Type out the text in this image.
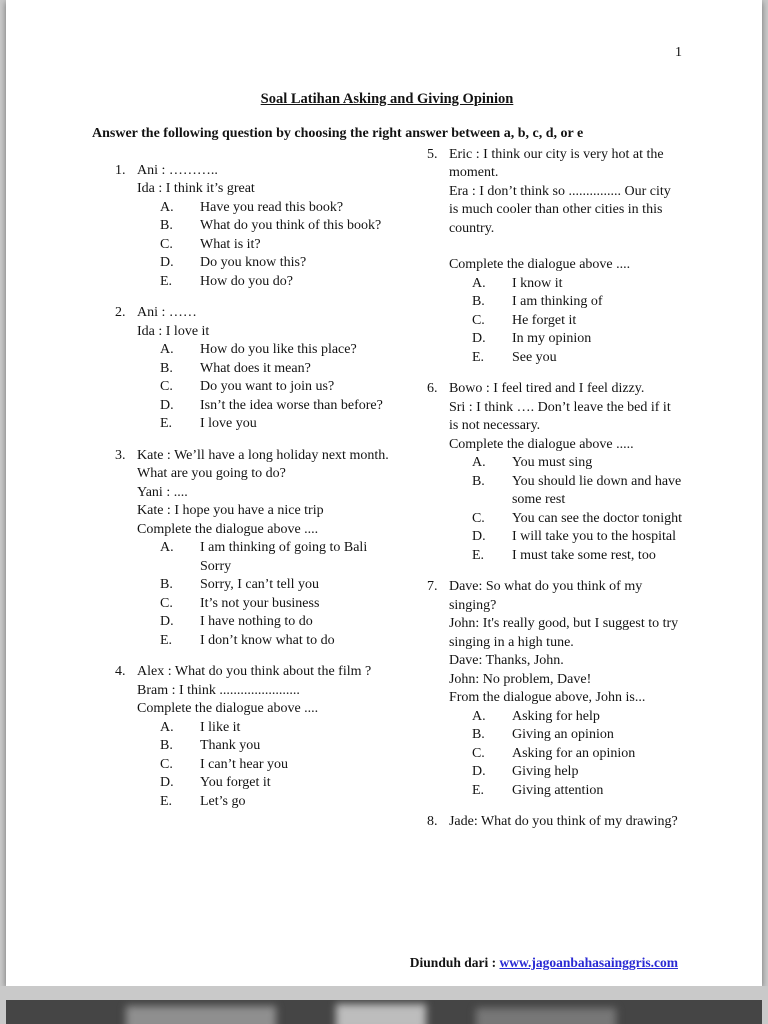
1
Soal Latihan Asking and Giving Opinion
Answer the following question by choosing the right answer between a, b, c, d, or e
1. Ani : ………..
Ida : I think it’s great
A.	Have you read this book?
B.	What do you think of this book?
C.	What is it?
D.	Do you know this?
E.	How do you do?
2. Ani : ……
Ida : I love it
A.	How do you like this place?
B.	What does it mean?
C.	Do you want to join us?
D.	Isn’t the idea worse than before?
E.	I love you
3. Kate : We’ll have a long holiday next month. What are you going to do?
Yani : ....
Kate : I hope you have a nice trip
Complete the dialogue above ....
A.	I am thinking of going to Bali Sorry
B.	Sorry, I can’t tell you
C.	It’s not your business
D.	I have nothing to do
E.	I don’t know what to do
4. Alex : What do you think about the film ?
Bram : I think .......................
Complete the dialogue above ....
A.	I like it
B.	Thank you
C.	I can’t hear you
D.	You forget it
E.	Let’s go
5. Eric : I think our city is very hot at the moment.
Era : I don’t think so ............... Our city is much cooler than other cities in this country.
Complete the dialogue above ....
A.	I know it
B.	I am thinking of
C.	He forget it
D.	In my opinion
E.	See you
6. Bowo : I feel tired and I feel dizzy.
Sri : I think …. Don’t leave the bed if it is not necessary.
Complete the dialogue above .....
A.	You must sing
B.	You should lie down and have some rest
C.	You can see the doctor tonight
D.	I will take you to the hospital
E.	I must take some rest, too
7. Dave: So what do you think of my singing?
John: It's really good, but I suggest to try singing in a high tune.
Dave: Thanks, John.
John: No problem, Dave!
From the dialogue above, John is...
A.	Asking for help
B.	Giving an opinion
C.	Asking for an opinion
D.	Giving help
E.	Giving attention
8. Jade: What do you think of my drawing?
Diunduh dari : www.jagoanbahasainggris.com
